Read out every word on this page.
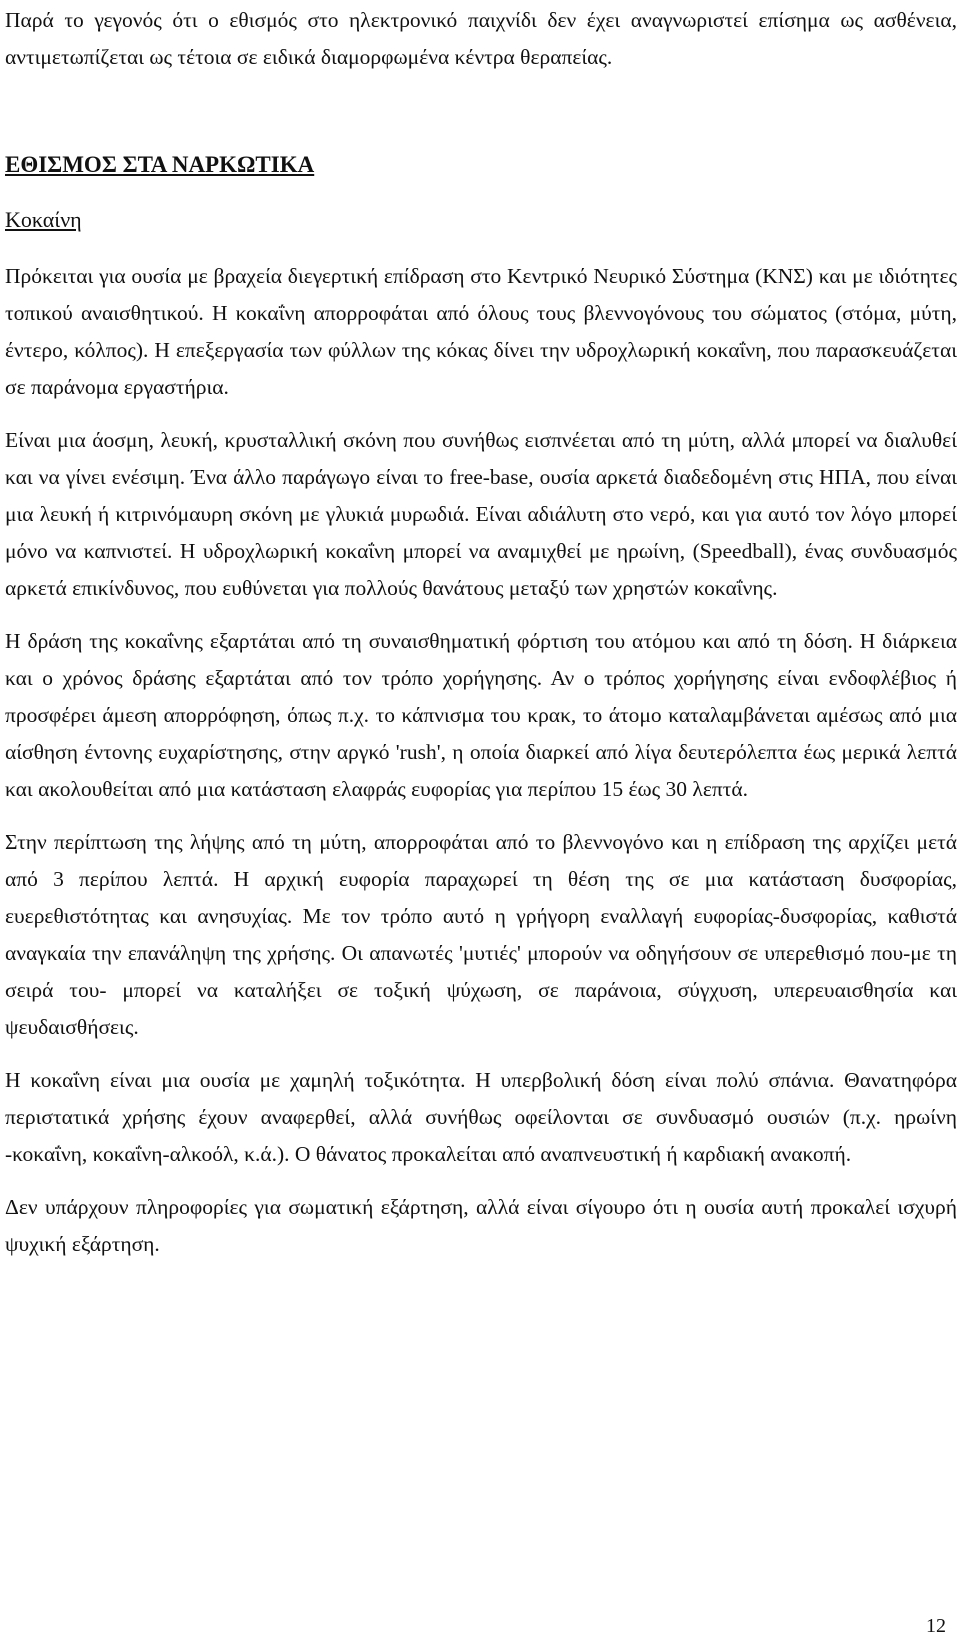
Παρά το γεγονός ότι ο εθισμός στο ηλεκτρονικό παιχνίδι δεν έχει αναγνωριστεί επίσημα ως ασθένεια, αντιμετωπίζεται ως τέτοια σε ειδικά διαμορφωμένα κέντρα θεραπείας.

ΕΘΙΣΜΟΣ ΣΤΑ ΝΑΡΚΩΤΙΚΑ
Κοκαίνη

Πρόκειται για ουσία με βραχεία διεγερτική επίδραση στο Κεντρικό Νευρικό Σύστημα (ΚΝΣ) και με ιδιότητες τοπικού αναισθητικού. Η κοκαΐνη απορροφάται από όλους τους βλεννογόνους του σώματος (στόμα, μύτη, έντερο, κόλπος). Η επεξεργασία των φύλλων της κόκας δίνει την υδροχλωρική κοκαΐνη, που παρασκευάζεται σε παράνομα εργαστήρια.

Είναι μια άοσμη, λευκή, κρυσταλλική σκόνη που συνήθως εισπνέεται από τη μύτη, αλλά μπορεί να διαλυθεί και να γίνει ενέσιμη. Ένα άλλο παράγωγο είναι το free-base, ουσία αρκετά διαδεδομένη στις ΗΠΑ, που είναι μια λευκή ή κιτρινόμαυρη σκόνη με γλυκιά μυρωδιά. Είναι αδιάλυτη στο νερό, και για αυτό τον λόγο μπορεί μόνο να καπνιστεί. Η υδροχλωρική κοκαΐνη μπορεί να αναμιχθεί με ηρωίνη, (Speedball), ένας συνδυασμός αρκετά επικίνδυνος, που ευθύνεται για πολλούς θανάτους μεταξύ των χρηστών κοκαΐνης.

Η δράση της κοκαΐνης εξαρτάται από τη συναισθηματική φόρτιση του ατόμου και από τη δόση. Η διάρκεια και ο χρόνος δράσης εξαρτάται από τον τρόπο χορήγησης. Αν ο τρόπος χορήγησης είναι ενδοφλέβιος ή προσφέρει άμεση απορρόφηση, όπως π.χ. το κάπνισμα του κρακ, το άτομο καταλαμβάνεται αμέσως από μια αίσθηση έντονης ευχαρίστησης, στην αργκό 'rush', η οποία διαρκεί από λίγα δευτερόλεπτα έως μερικά λεπτά και ακολουθείται από μια κατάσταση ελαφράς ευφορίας για περίπου 15 έως 30 λεπτά.

Στην περίπτωση της λήψης από τη μύτη, απορροφάται από το βλεννογόνο και η επίδραση της αρχίζει μετά από 3 περίπου λεπτά. Η αρχική ευφορία παραχωρεί τη θέση της σε μια κατάσταση δυσφορίας, ευερεθιστότητας και ανησυχίας. Με τον τρόπο αυτό η γρήγορη εναλλαγή ευφορίας-δυσφορίας, καθιστά αναγκαία την επανάληψη της χρήσης. Οι απανωτές 'μυτιές' μπορούν να οδηγήσουν σε υπερεθισμό που-με τη σειρά του- μπορεί να καταλήξει σε τοξική ψύχωση, σε παράνοια, σύγχυση, υπερευαισθησία και ψευδαισθήσεις.

Η κοκαΐνη είναι μια ουσία με χαμηλή τοξικότητα. Η υπερβολική δόση είναι πολύ σπάνια. Θανατηφόρα περιστατικά χρήσης έχουν αναφερθεί, αλλά συνήθως οφείλονται σε συνδυασμό ουσιών (π.χ. ηρωίνη -κοκαΐνη, κοκαΐνη-αλκοόλ, κ.ά.). Ο θάνατος προκαλείται από αναπνευστική ή καρδιακή ανακοπή.

Δεν υπάρχουν πληροφορίες για σωματική εξάρτηση, αλλά είναι σίγουρο ότι η ουσία αυτή προκαλεί ισχυρή ψυχική εξάρτηση.

12
